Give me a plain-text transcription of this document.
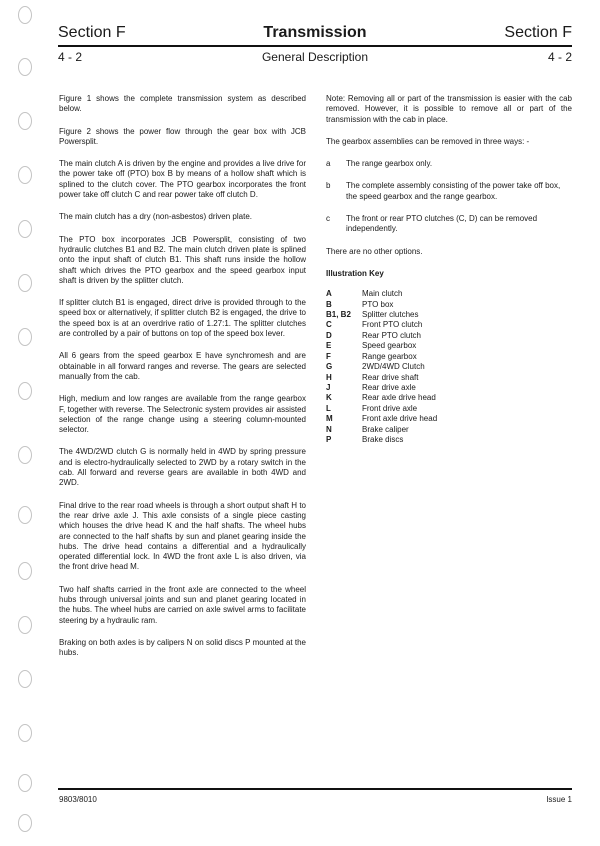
Section F	Transmission	Section F
4 - 2	General Description	4 - 2

Figure 1 shows the complete transmission system as described below.

Figure 2 shows the power flow through the gear box with JCB Powersplit.

The main clutch A is driven by the engine and provides a live drive for the power take off (PTO) box B by means of a hollow shaft which is splined to the clutch cover. The PTO gearbox incorporates the front power take off clutch C and rear power take off clutch D.

The main clutch has a dry (non-asbestos) driven plate.

The PTO box incorporates JCB Powersplit, consisting of two hydraulic clutches B1 and B2. The main clutch driven plate is splined onto the input shaft of clutch B1. This shaft runs inside the hollow shaft which drives the PTO gearbox and the speed gearbox input shaft is driven by the splitter clutch.

If splitter clutch B1 is engaged, direct drive is provided through to the speed box or alternatively, if splitter clutch B2 is engaged, the drive to the speed box is at an overdrive ratio of 1.27:1. The splitter clutches are controlled by a pair of buttons on top of the speed box lever.

All 6 gears from the speed gearbox E have synchromesh and are obtainable in all forward ranges and reverse. The gears are selected manually from the cab.

High, medium and low ranges are available from the range gearbox F, together with reverse. The Selectronic system provides air assisted selection of the range change using a steering column-mounted selector.

The 4WD/2WD clutch G is normally held in 4WD by spring pressure and is electro-hydraulically selected to 2WD by a rotary switch in the cab. All forward and reverse gears are available in both 4WD and 2WD.

Final drive to the rear road wheels is through a short output shaft H to the rear drive axle J. This axle consists of a single piece casting which houses the drive head K and the half shafts. The wheel hubs are connected to the half shafts by sun and planet gearing inside the hubs. The drive head contains a differential and a hydraulically operated differential lock. In 4WD the front axle L is also driven, via the front drive head M.

Two half shafts carried in the front axle are connected to the wheel hubs through universal joints and sun and planet gearing located in the hubs. The wheel hubs are carried on axle swivel arms to facilitate steering by a hydraulic ram.

Braking on both axles is by calipers N on solid discs P mounted at the hubs.

Note: Removing all or part of the transmission is easier with the cab removed. However, it is possible to remove all or part of the transmission with the cab in place.

The gearbox assemblies can be removed in three ways: -

a	The range gearbox only.
b	The complete assembly consisting of the power take off box, the speed gearbox and the range gearbox.
c	The front or rear PTO clutches (C, D) can be removed independently.

There are no other options.

Illustration Key
A	Main clutch
B	PTO box
B1, B2	Splitter clutches
C	Front PTO clutch
D	Rear PTO clutch
E	Speed gearbox
F	Range gearbox
G	2WD/4WD Clutch
H	Rear drive shaft
J	Rear drive axle
K	Rear axle drive head
L	Front drive axle
M	Front axle drive head
N	Brake caliper
P	Brake discs
9803/8010	Issue 1
